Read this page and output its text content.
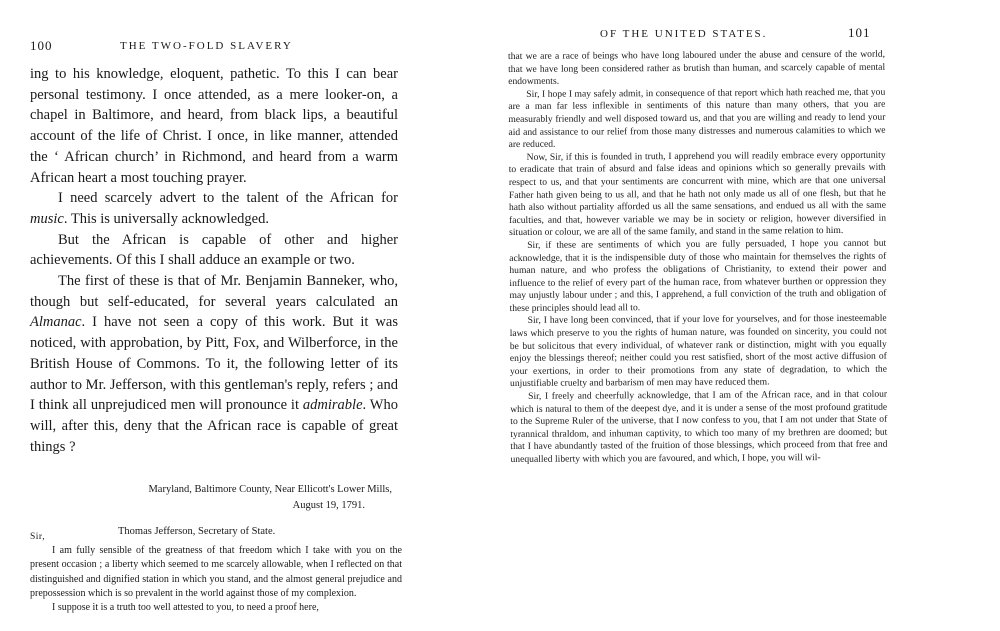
100	THE TWO-FOLD SLAVERY

ing to his knowledge, eloquent, pathetic. To this I can bear personal testimony. I once attended, as a mere looker-on, a chapel in Baltimore, and heard, from black lips, a beautiful account of the life of Christ. I once, in like manner, attended the ‘ African church’ in Richmond, and heard from a warm African heart a most touching prayer.

I need scarcely advert to the talent of the African for music. This is universally acknowledged.

But the African is capable of other and higher achievements. Of this I shall adduce an example or two.

The first of these is that of Mr. Benjamin Banneker, who, though but self-educated, for several years calculated an Almanac. I have not seen a copy of this work. But it was noticed, with approbation, by Pitt, Fox, and Wilberforce, in the British House of Commons. To it, the following letter of its author to Mr. Jefferson, with this gentleman's reply, refers ; and I think all unprejudiced men will pronounce it admirable. Who will, after this, deny that the African race is capable of great things ?

Maryland, Baltimore County, Near Ellicott's Lower Mills,
August 19, 1791.
Thomas Jefferson, Secretary of State.

Sir,

I am fully sensible of the greatness of that freedom which I take with you on the present occasion ; a liberty which seemed to me scarcely allowable, when I reflected on that distinguished and dignified station in which you stand, and the almost general prejudice and prepossession which is so prevalent in the world against those of my complexion.

I suppose it is a truth too well attested to you, to need a proof here,

OF THE UNITED STATES.	101

that we are a race of beings who have long laboured under the abuse and censure of the world, that we have long been considered rather as brutish than human, and scarcely capable of mental endowments.

Sir, I hope I may safely admit, in consequence of that report which hath reached me, that you are a man far less inflexible in sentiments of this nature than many others, that you are measurably friendly and well disposed toward us, and that you are willing and ready to lend your aid and assistance to our relief from those many distresses and numerous calamities to which we are reduced.

Now, Sir, if this is founded in truth, I apprehend you will readily embrace every opportunity to eradicate that train of absurd and false ideas and opinions which so generally prevails with respect to us, and that your sentiments are concurrent with mine, which are that one universal Father hath given being to us all, and that he hath not only made us all of one flesh, but that he hath also without partiality afforded us all the same sensations, and endued us all with the same faculties, and that, however variable we may be in society or religion, however diversified in situation or colour, we are all of the same family, and stand in the same relation to him.

Sir, if these are sentiments of which you are fully persuaded, I hope you cannot but acknowledge, that it is the indispensible duty of those who maintain for themselves the rights of human nature, and who profess the obligations of Christianity, to extend their power and influence to the relief of every part of the human race, from whatever burthen or oppression they may unjustly labour under ; and this, I apprehend, a full conviction of the truth and obligation of these principles should lead all to.

Sir, I have long been convinced, that if your love for yourselves, and for those inesteemable laws which preserve to you the rights of human nature, was founded on sincerity, you could not be but solicitous that every individual, of whatever rank or distinction, might with you equally enjoy the blessings thereof; neither could you rest satisfied, short of the most active diffusion of your exertions, in order to their promotions from any state of degradation, to which the unjustifiable cruelty and barbarism of men may have reduced them.

Sir, I freely and cheerfully acknowledge, that I am of the African race, and in that colour which is natural to them of the deepest dye, and it is under a sense of the most profound gratitude to the Supreme Ruler of the universe, that I now confess to you, that I am not under that State of tyrannical thraldom, and inhuman captivity, to which too many of my brethren are doomed; but that I have abundantly tasted of the fruition of those blessings, which proceed from that free and unequalled liberty with which you are favoured, and which, I hope, you will wil-
